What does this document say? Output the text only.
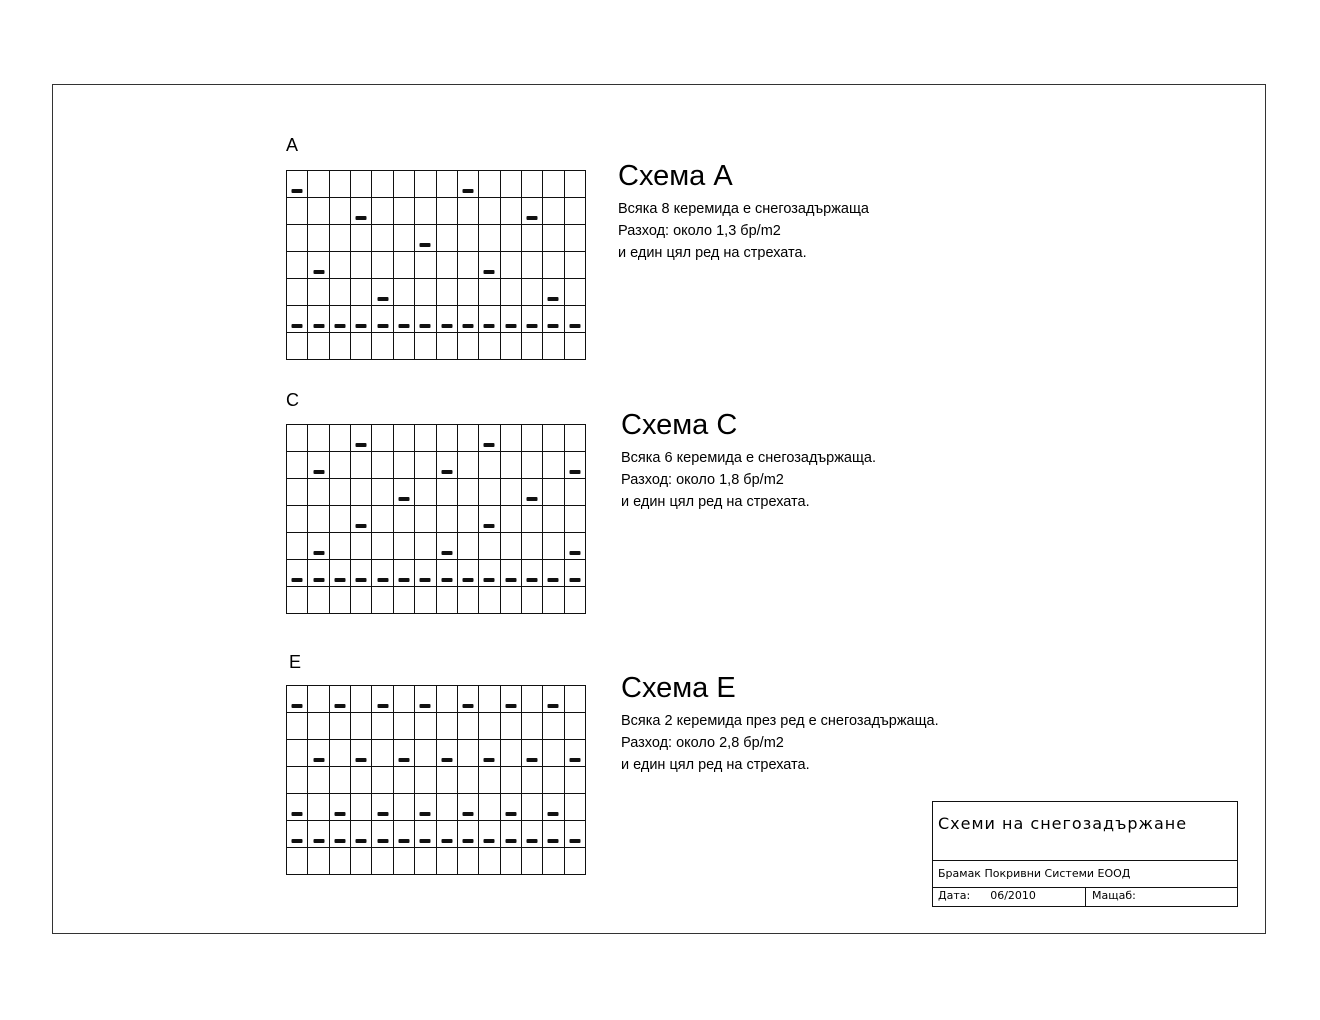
A
Схема A

Всяка 8 керемида е снегозадържаща

Разход: около 1,3 бр/m2

и един цял ред на стрехата.

C
Схема C

Всяка 6 керемида е снегозадържаща.

Разход: около 1,8 бр/m2

и един цял ред на стрехата.

E
Схема E

Всяка 2 керемида през ред е снегозадържаща.

Разход: около 2,8 бр/m2

и един цял ред на стрехата.

Схеми на снегозадържане
Брамак Покривни Системи ЕООД
Дата: 06/2010	Мащаб:
